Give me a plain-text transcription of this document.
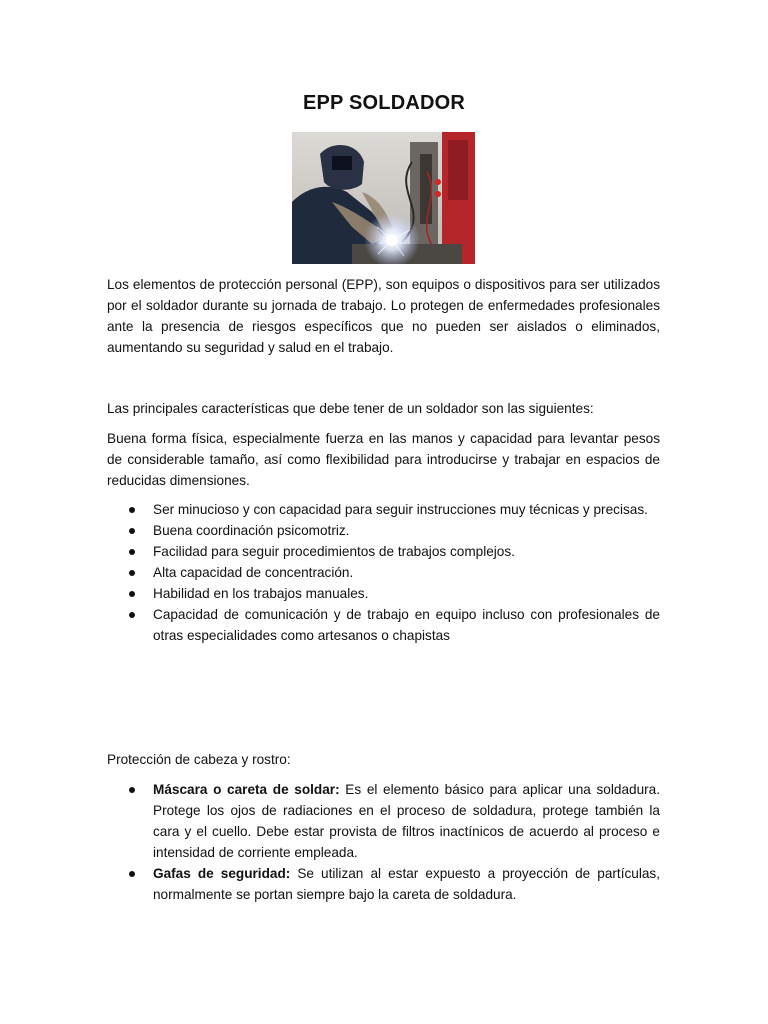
EPP SOLDADOR
Los elementos de protección personal (EPP), son equipos o dispositivos para ser utilizados por el soldador durante su jornada de trabajo. Lo protegen de enfermedades profesionales ante la presencia de riesgos específicos que no pueden ser aislados o eliminados, aumentando su seguridad y salud en el trabajo.
Las principales características que debe tener de un soldador son las siguientes:
Buena forma física, especialmente fuerza en las manos y capacidad para levantar pesos de considerable tamaño, así como flexibilidad para introducirse y trabajar en espacios de reducidas dimensiones.
Ser minucioso y con capacidad para seguir instrucciones muy técnicas y precisas.
Buena coordinación psicomotriz.
Facilidad para seguir procedimientos de trabajos complejos.
Alta capacidad de concentración.
Habilidad en los trabajos manuales.
Capacidad de comunicación y de trabajo en equipo incluso con profesionales de otras especialidades como artesanos o chapistas
Protección de cabeza y rostro:
Máscara o careta de soldar: Es el elemento básico para aplicar una soldadura. Protege los ojos de radiaciones en el proceso de soldadura, protege también la cara y el cuello. Debe estar provista de filtros inactínicos de acuerdo al proceso e intensidad de corriente empleada.
Gafas de seguridad: Se utilizan al estar expuesto a proyección de partículas, normalmente se portan siempre bajo la careta de soldadura.
